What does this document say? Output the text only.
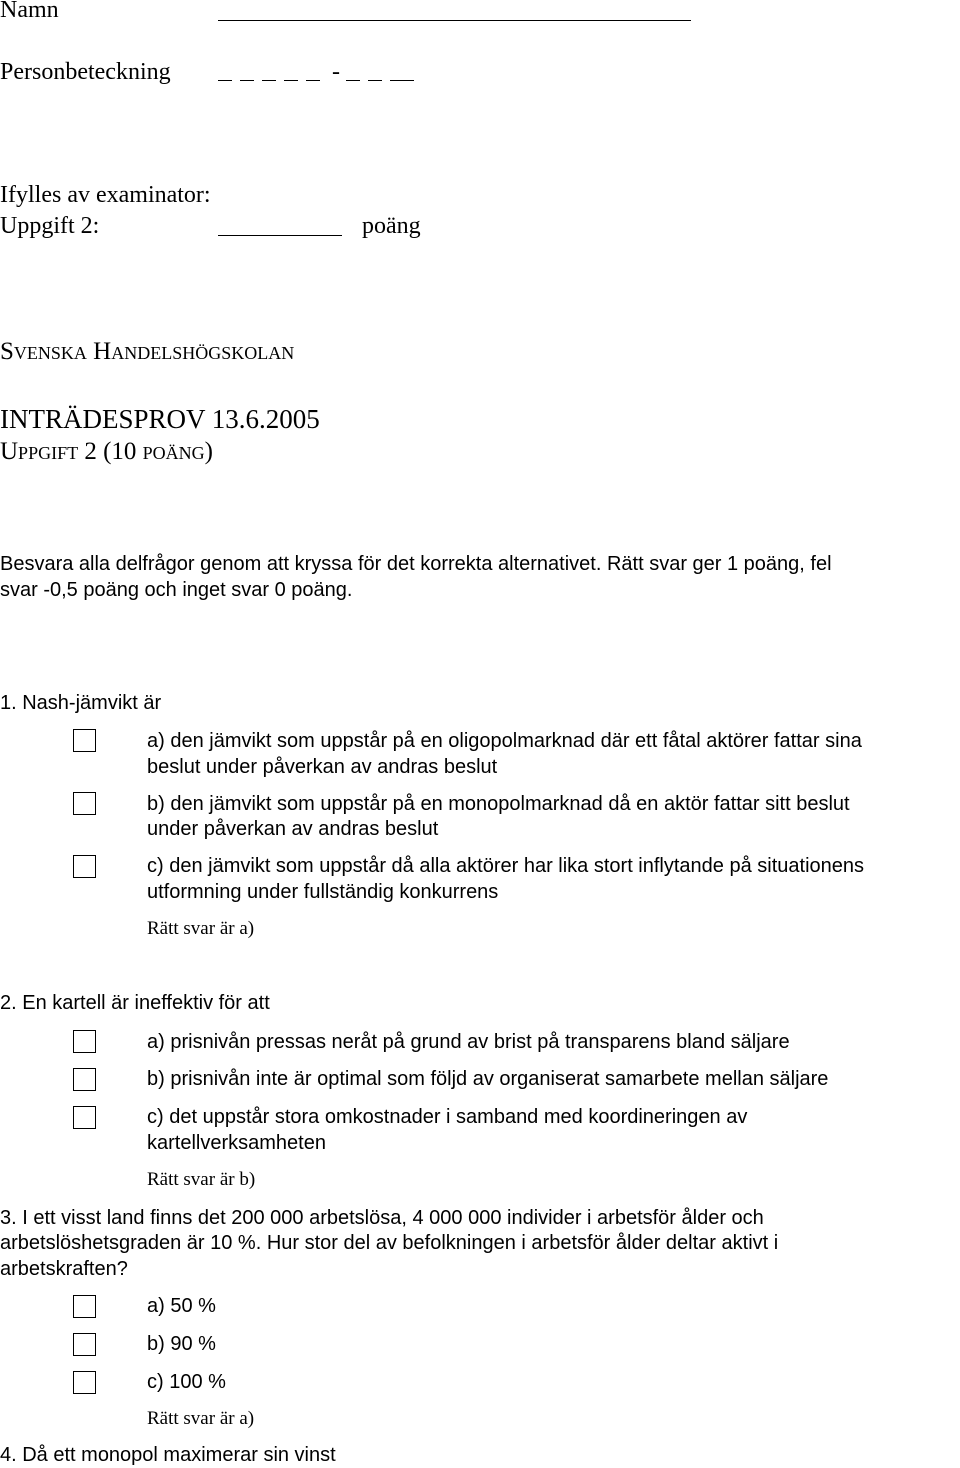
Namn
Personbeteckning	-
Ifylles av examinator:
Uppgift 2:	poäng
Svenska Handelshögskolan
INTRÄDESPROV 13.6.2005
Uppgift 2 (10 poäng)
Besvara alla delfrågor genom att kryssa för det korrekta alternativet. Rätt svar ger 1 poäng, fel
svar -0,5 poäng och inget svar 0 poäng.
1. Nash-jämvikt är
a) den jämvikt som uppstår på en oligopolmarknad där ett fåtal aktörer fattar sina
beslut under påverkan av andras beslut
b) den jämvikt som uppstår på en monopolmarknad då en aktör fattar sitt beslut
under påverkan av andras beslut
c) den jämvikt som uppstår då alla aktörer har lika stort inflytande på situationens
utformning under fullständig konkurrens
Rätt svar är a)
2. En kartell är ineffektiv för att
a) prisnivån pressas neråt på grund av brist på transparens bland säljare
b) prisnivån inte är optimal som följd av organiserat samarbete mellan säljare
c) det uppstår stora omkostnader i samband med koordineringen av
kartellverksamheten
Rätt svar är b)
3. I ett visst land finns det 200 000 arbetslösa, 4 000 000 individer i arbetsför ålder och
arbetslöshetsgraden är 10 %. Hur stor del av befolkningen i arbetsför ålder deltar aktivt i
arbetskraften?
a) 50 %
b) 90 %
c) 100 %
Rätt svar är a)
4. Då ett monopol maximerar sin vinst
